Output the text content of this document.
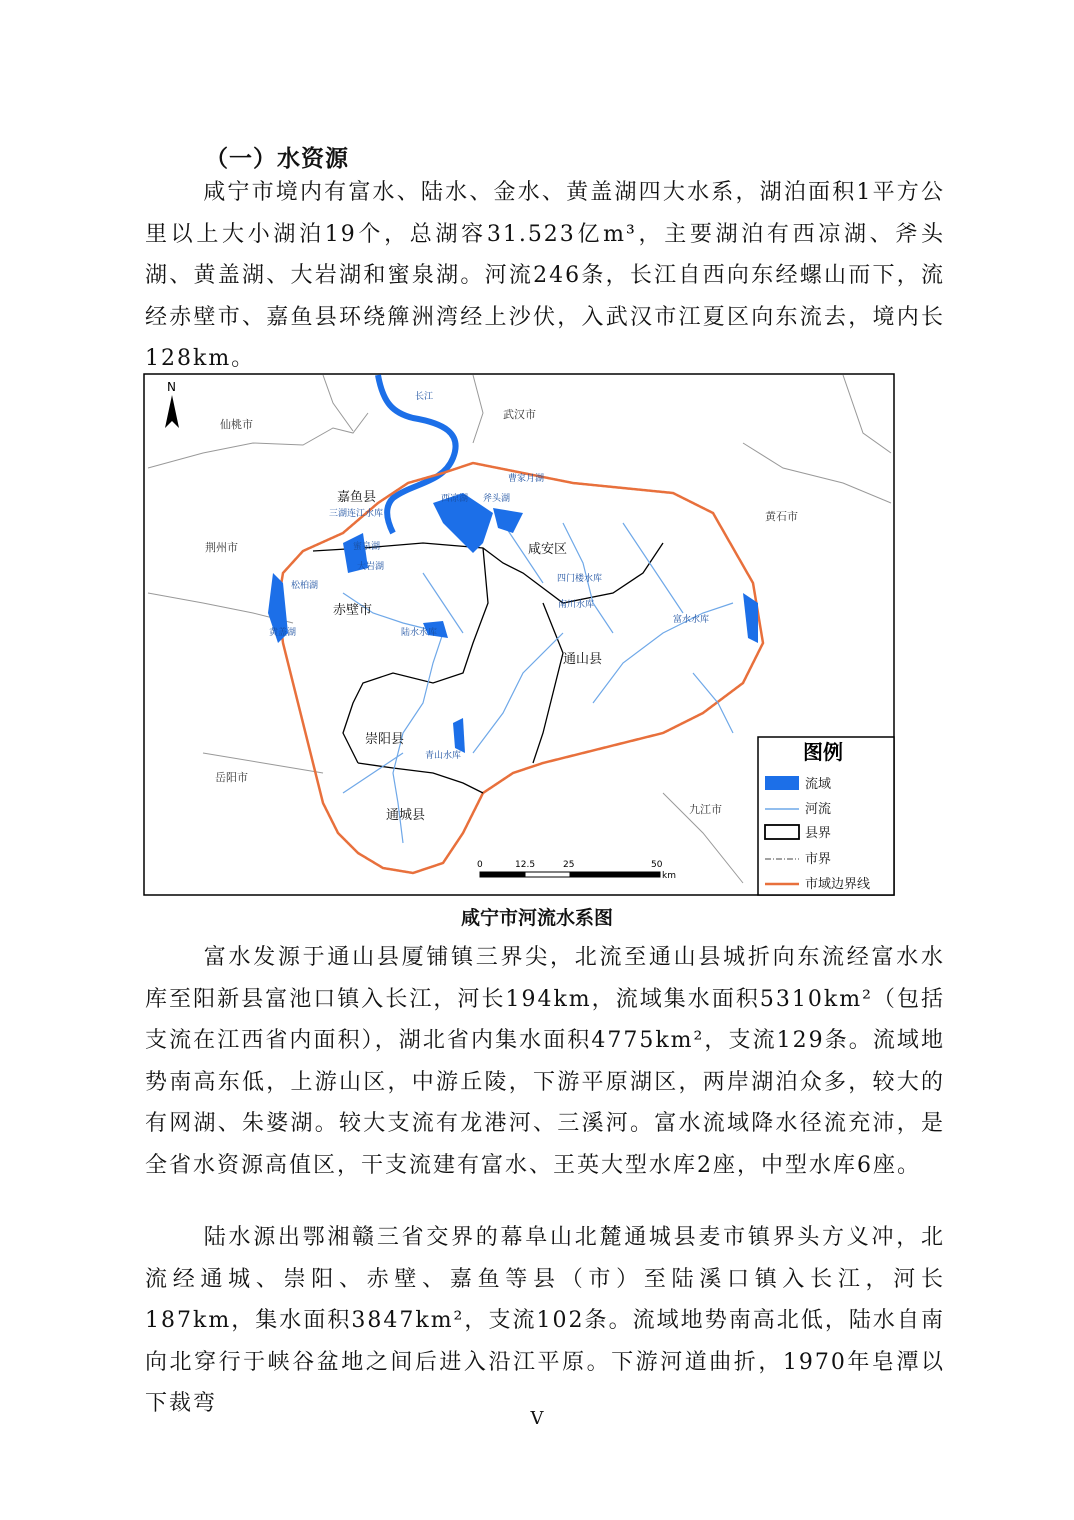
（一）水资源
咸宁市境内有富水、陆水、金水、黄盖湖四大水系，湖泊面积1平方公里以上大小湖泊19个，总湖容31.523亿m³，主要湖泊有西凉湖、斧头湖、黄盖湖、大岩湖和蜜泉湖。河流246条，长江自西向东经螺山而下，流经赤壁市、嘉鱼县环绕簰洲湾经上沙伏，入武汉市江夏区向东流去，境内长128km。
N
仙桃市
武汉市
黄石市
荆州市
岳阳市
九江市
嘉鱼县
咸安区
赤壁市
通山县
崇阳县
通城县
长江
西凉湖 斧头湖
曹家月湖
三湖连江水库
蜜泉湖
大岩湖
松柏湖
黄盖湖	陆水水库
四门楼水库
南川水库
富水水库
青山水库
0	12.5	25	50
km
图例
流域
河流
县界
市界
市域边界线
咸宁市河流水系图
富水发源于通山县厦铺镇三界尖，北流至通山县城折向东流经富水水库至阳新县富池口镇入长江，河长194km，流域集水面积5310km²（包括支流在江西省内面积），湖北省内集水面积4775km²，支流129条。流域地势南高东低，上游山区，中游丘陵，下游平原湖区，两岸湖泊众多，较大的有网湖、朱婆湖。较大支流有龙港河、三溪河。富水流域降水径流充沛，是全省水资源高值区，干支流建有富水、王英大型水库2座，中型水库6座。
陆水源出鄂湘赣三省交界的幕阜山北麓通城县麦市镇界头方义冲，北流经通城、崇阳、赤壁、嘉鱼等县（市）至陆溪口镇入长江，河长187km，集水面积3847km²，支流102条。流域地势南高北低，陆水自南向北穿行于峡谷盆地之间后进入沿江平原。下游河道曲折，1970年皂潭以下裁弯
V
